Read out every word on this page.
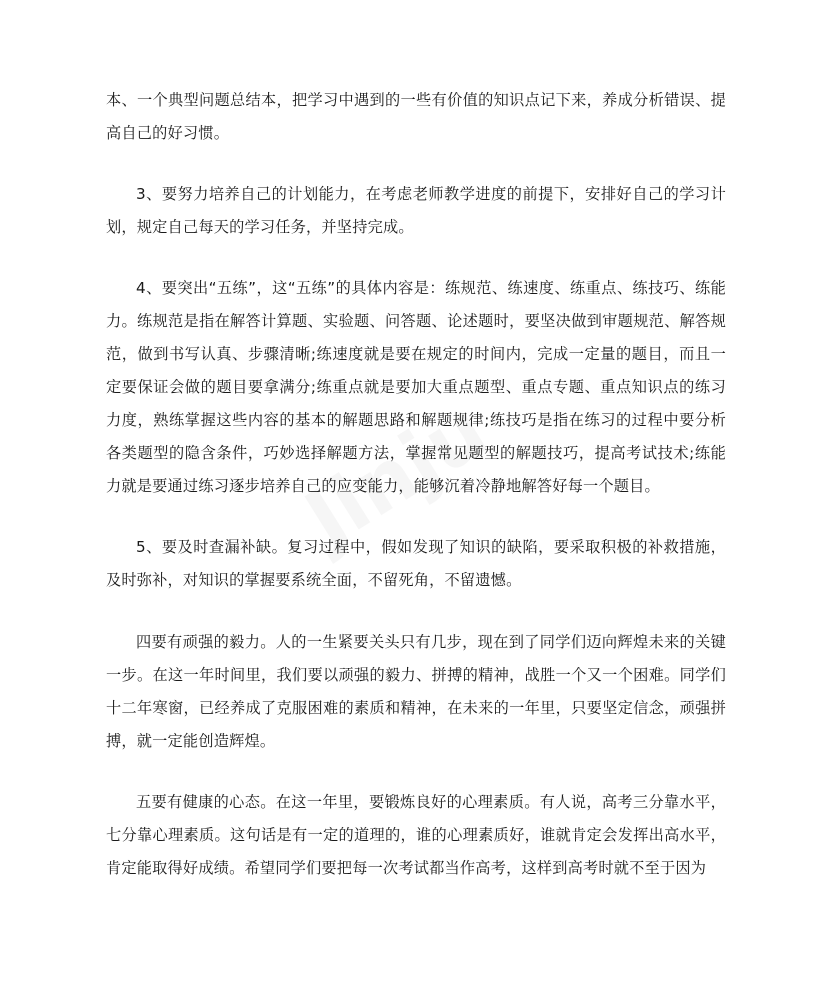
本、一个典型问题总结本，把学习中遇到的一些有价值的知识点记下来，养成分析错误、提高自己的好习惯。

3、要努力培养自己的计划能力，在考虑老师教学进度的前提下，安排好自己的学习计划，规定自己每天的学习任务，并坚持完成。

4、要突出“五练”，这“五练”的具体内容是：练规范、练速度、练重点、练技巧、练能力。练规范是指在解答计算题、实验题、问答题、论述题时，要坚决做到审题规范、解答规范，做到书写认真、步骤清晰;练速度就是要在规定的时间内，完成一定量的题目，而且一定要保证会做的题目要拿满分;练重点就是要加大重点题型、重点专题、重点知识点的练习力度，熟练掌握这些内容的基本的解题思路和解题规律;练技巧是指在练习的过程中要分析各类题型的隐含条件，巧妙选择解题方法，掌握常见题型的解题技巧，提高考试技术;练能力就是要通过练习逐步培养自己的应变能力，能够沉着冷静地解答好每一个题目。

5、要及时查漏补缺。复习过程中，假如发现了知识的缺陷，要采取积极的补救措施，及时弥补，对知识的掌握要系统全面，不留死角，不留遗憾。

四要有顽强的毅力。人的一生紧要关头只有几步，现在到了同学们迈向辉煌未来的关键一步。在这一年时间里，我们要以顽强的毅力、拼搏的精神，战胜一个又一个困难。同学们十二年寒窗，已经养成了克服困难的素质和精神，在未来的一年里，只要坚定信念，顽强拼搏，就一定能创造辉煌。

五要有健康的心态。在这一年里，要锻炼良好的心理素质。有人说，高考三分靠水平，七分靠心理素质。这句话是有一定的道理的，谁的心理素质好，谁就肯定会发挥出高水平，肯定能取得好成绩。希望同学们要把每一次考试都当作高考，这样到高考时就不至于因为
